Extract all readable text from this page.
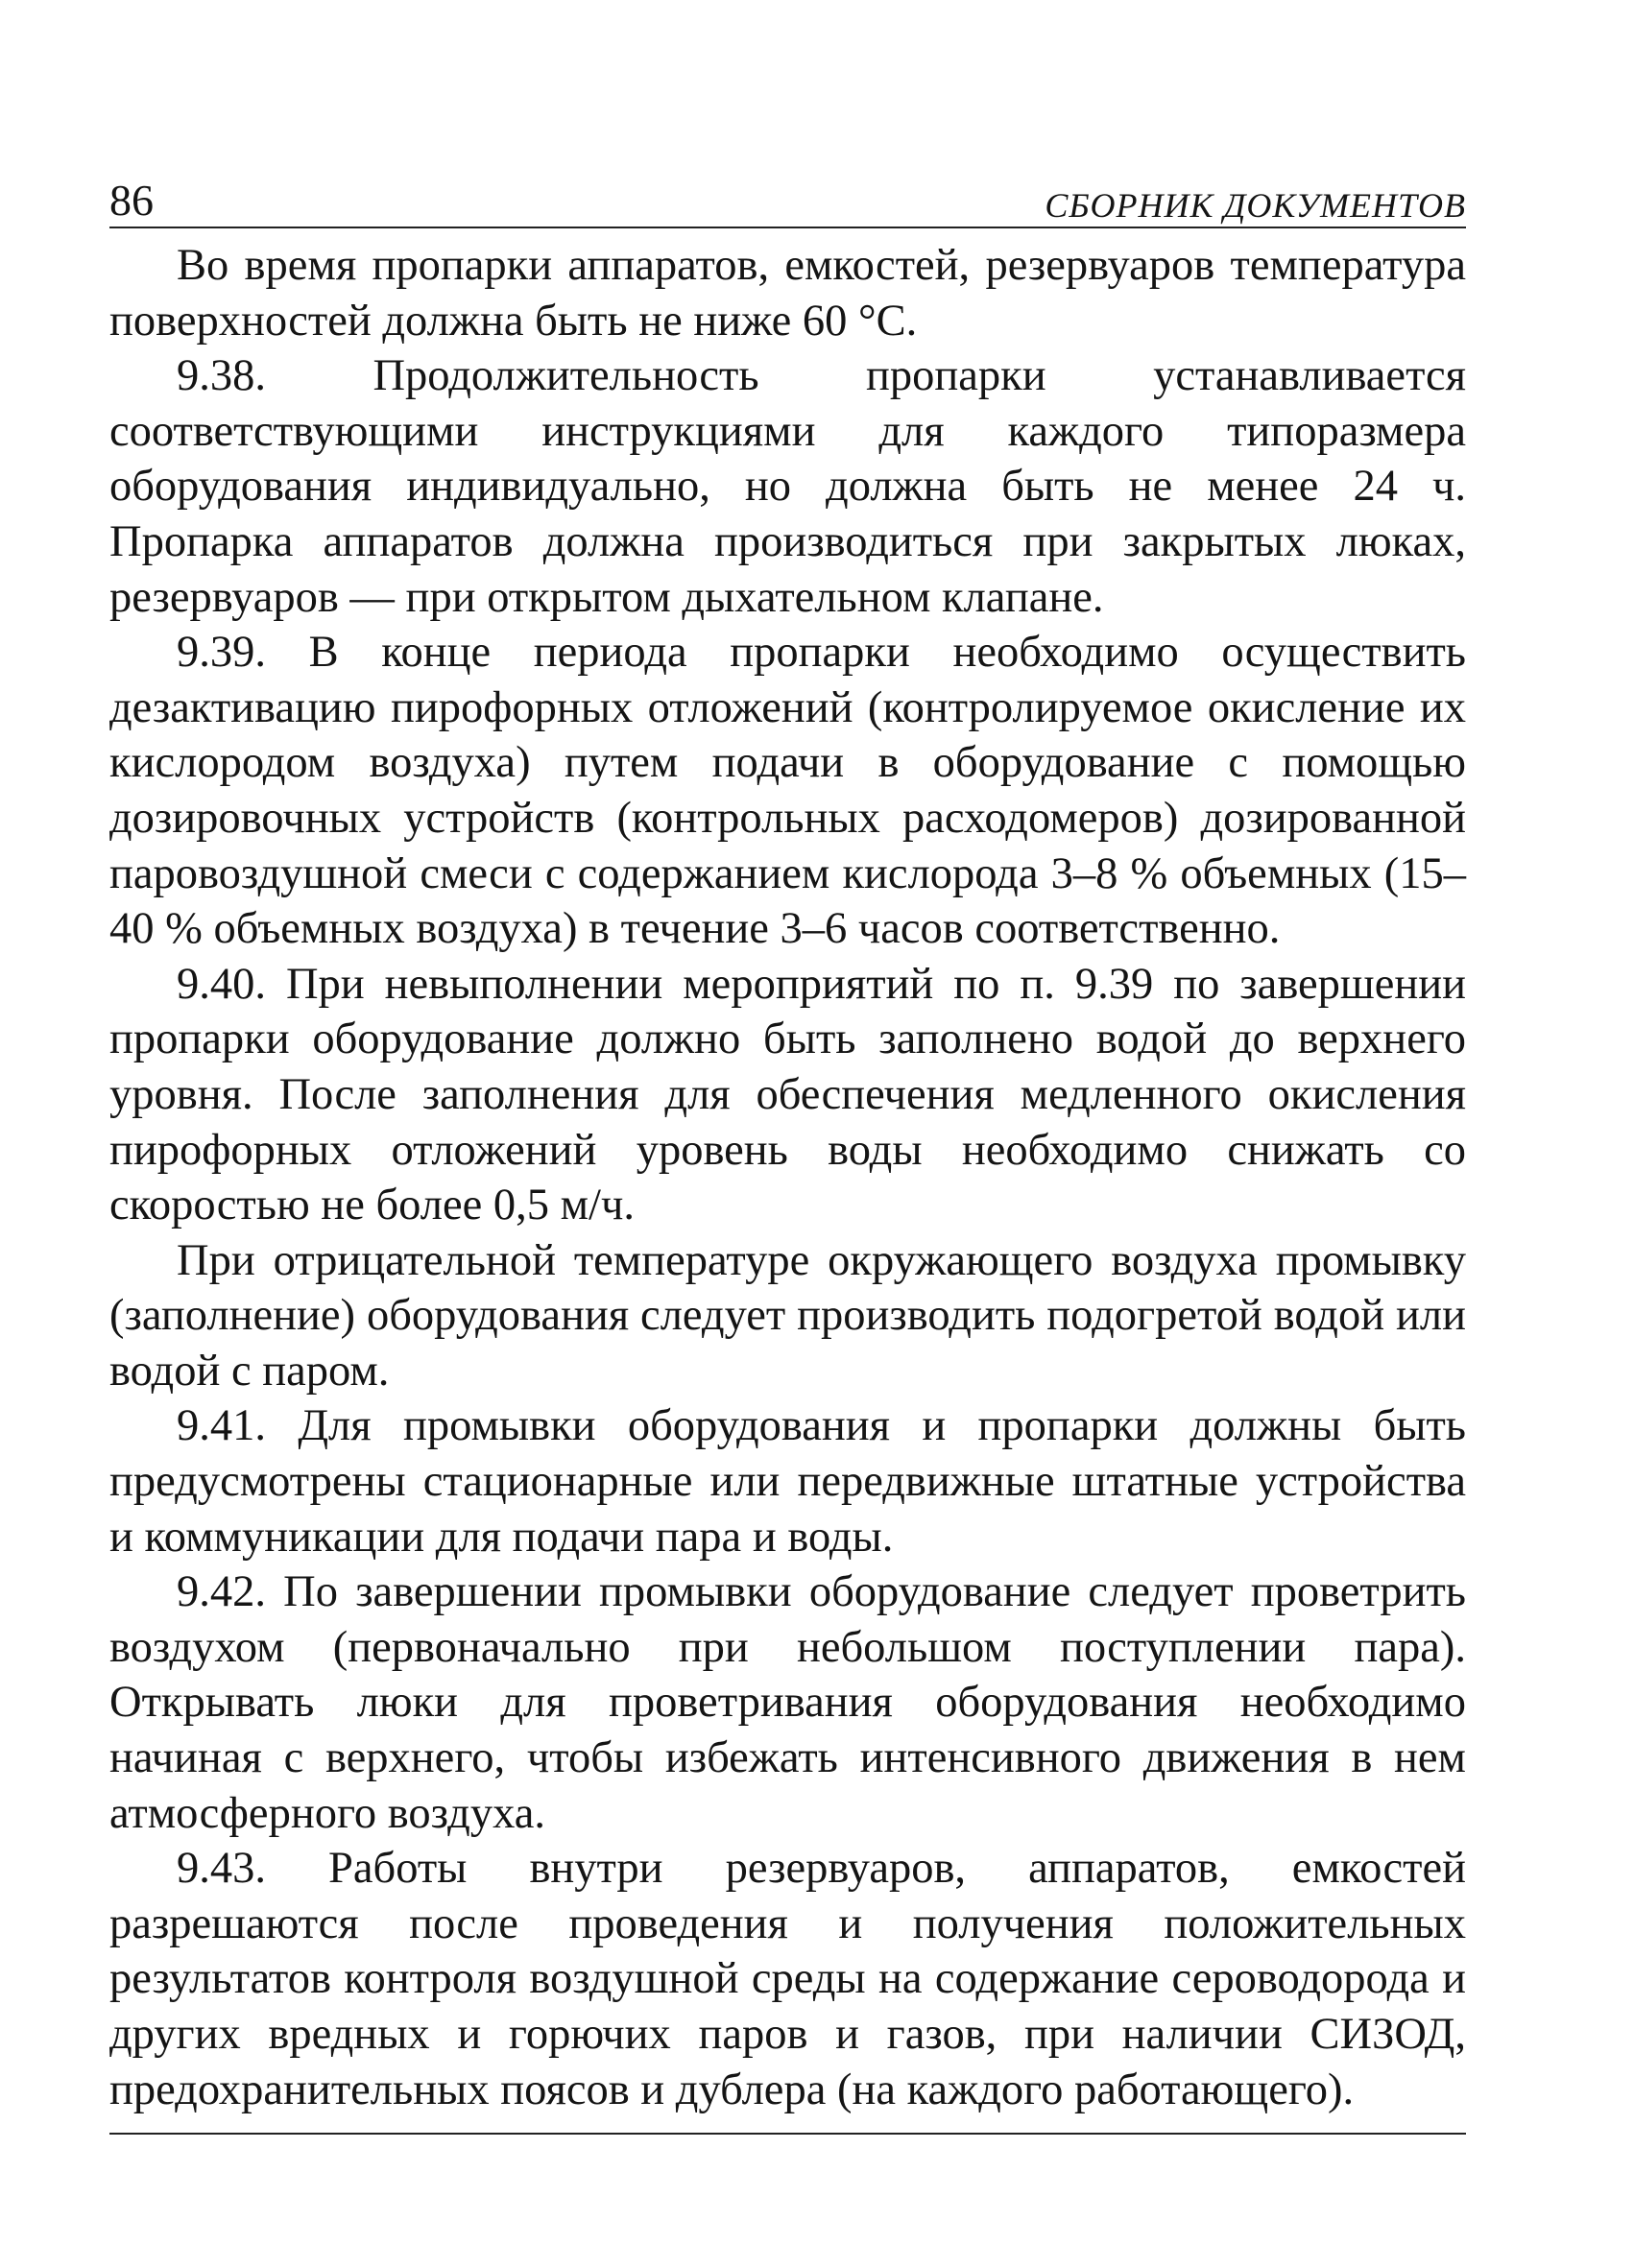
86	СБОРНИК ДОКУМЕНТОВ

Во время пропарки аппаратов, емкостей, резервуаров температура поверхностей должна быть не ниже 60 °С.

9.38. Продолжительность пропарки устанавливается соответствующими инструкциями для каждого типоразмера оборудования индивидуально, но должна быть не менее 24 ч. Пропарка аппаратов должна производиться при закрытых люках, резервуаров — при открытом дыхательном клапане.

9.39. В конце периода пропарки необходимо осуществить дезактивацию пирофорных отложений (контролируемое окисление их кислородом воздуха) путем подачи в оборудование с помощью дозировочных устройств (контрольных расходомеров) дозированной паровоздушной смеси с содержанием кислорода 3–8 % объемных (15–40 % объемных воздуха) в течение 3–6 часов соответственно.

9.40. При невыполнении мероприятий по п. 9.39 по завершении пропарки оборудование должно быть заполнено водой до верхнего уровня. После заполнения для обеспечения медленного окисления пирофорных отложений уровень воды необходимо снижать со скоростью не более 0,5 м/ч.

При отрицательной температуре окружающего воздуха промывку (заполнение) оборудования следует производить подогретой водой или водой с паром.

9.41. Для промывки оборудования и пропарки должны быть предусмотрены стационарные или передвижные штатные устройства и коммуникации для подачи пара и воды.

9.42. По завершении промывки оборудование следует проветрить воздухом (первоначально при небольшом поступлении пара). Открывать люки для проветривания оборудования необходимо начиная с верхнего, чтобы избежать интенсивного движения в нем атмосферного воздуха.

9.43. Работы внутри резервуаров, аппаратов, емкостей разрешаются после проведения и получения положительных результатов контроля воздушной среды на содержание сероводорода и других вредных и горючих паров и газов, при наличии СИЗОД, предохранительных поясов и дублера (на каждого работающего).
